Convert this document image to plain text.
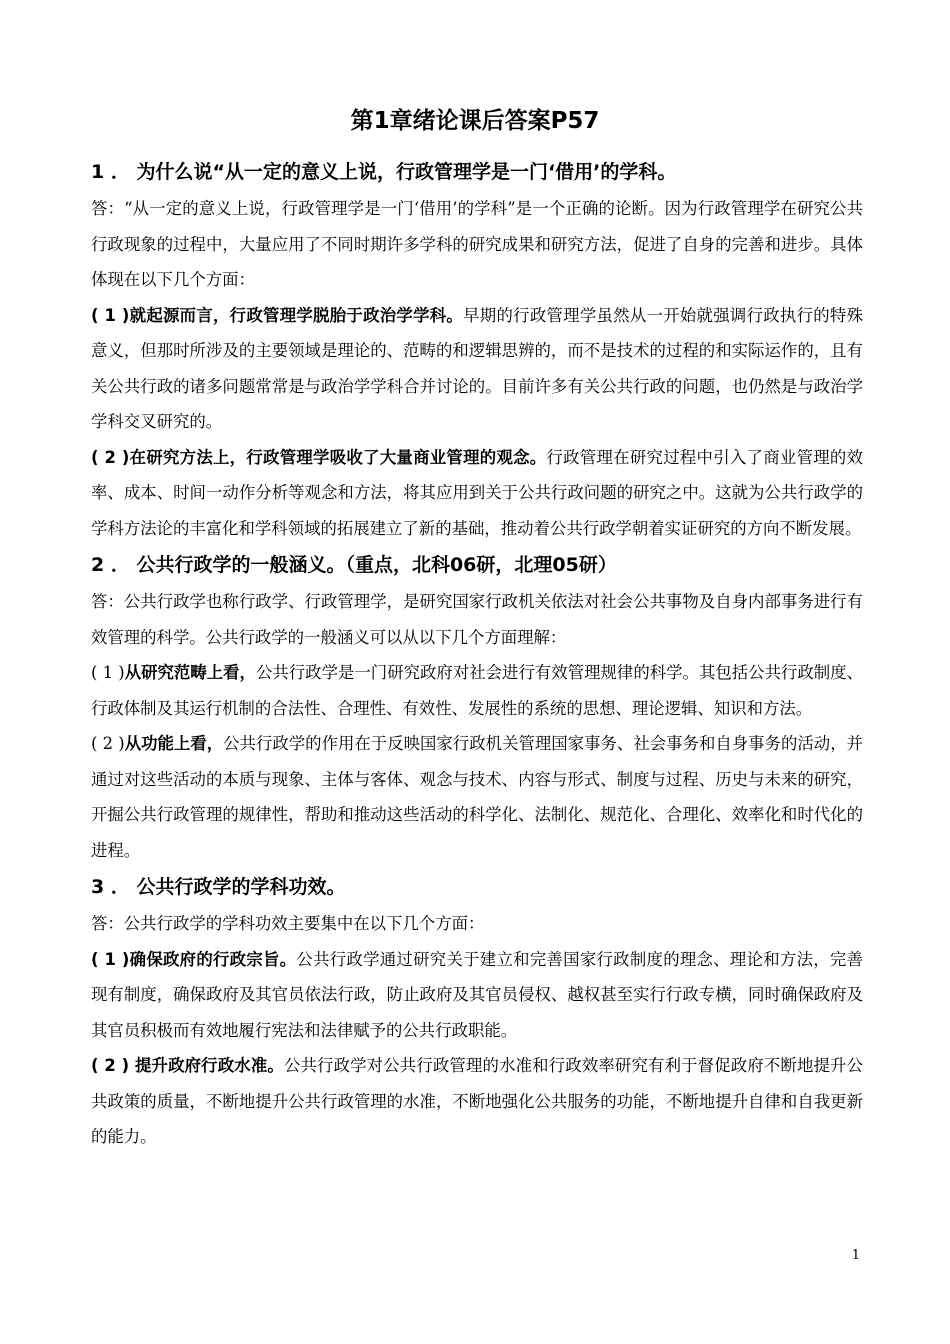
第1章绪论课后答案P57

1 ． 为什么说“从一定的意义上说，行政管理学是一门‘借用’的学科。

答：“从一定的意义上说，行政管理学是一门‘借用’的学科”是一个正确的论断。因为行政管理学在研究公共行政现象的过程中，大量应用了不同时期许多学科的研究成果和研究方法，促进了自身的完善和进步。具体体现在以下几个方面：

( 1 )就起源而言，行政管理学脱胎于政治学学科。早期的行政管理学虽然从一开始就强调行政执行的特殊意义，但那时所涉及的主要领域是理论的、范畴的和逻辑思辨的，而不是技术的过程的和实际运作的，且有关公共行政的诸多问题常常是与政治学学科合并讨论的。目前许多有关公共行政的问题，也仍然是与政治学学科交叉研究的。

( 2 )在研究方法上，行政管理学吸收了大量商业管理的观念。行政管理在研究过程中引入了商业管理的效率、成本、时间一动作分析等观念和方法，将其应用到关于公共行政问题的研究之中。这就为公共行政学的学科方法论的丰富化和学科领域的拓展建立了新的基础，推动着公共行政学朝着实证研究的方向不断发展。

2 ． 公共行政学的一般涵义。（重点，北科06研，北理05研）

答：公共行政学也称行政学、行政管理学，是研究国家行政机关依法对社会公共事物及自身内部事务进行有效管理的科学。公共行政学的一般涵义可以从以下几个方面理解：

( 1 )从研究范畴上看，公共行政学是一门研究政府对社会进行有效管理规律的科学。其包括公共行政制度、行政体制及其运行机制的合法性、合理性、有效性、发展性的系统的思想、理论逻辑、知识和方法。

( 2 )从功能上看，公共行政学的作用在于反映国家行政机关管理国家事务、社会事务和自身事务的活动，并通过对这些活动的本质与现象、主体与客体、观念与技术、内容与形式、制度与过程、历史与未来的研究，开掘公共行政管理的规律性，帮助和推动这些活动的科学化、法制化、规范化、合理化、效率化和时代化的进程。

3 ． 公共行政学的学科功效。

答：公共行政学的学科功效主要集中在以下几个方面：

( 1 )确保政府的行政宗旨。公共行政学通过研究关于建立和完善国家行政制度的理念、理论和方法，完善现有制度，确保政府及其官员依法行政，防止政府及其官员侵权、越权甚至实行行政专横，同时确保政府及其官员积极而有效地履行宪法和法律赋予的公共行政职能。

( 2 ) 提升政府行政水准。公共行政学对公共行政管理的水准和行政效率研究有利于督促政府不断地提升公共政策的质量，不断地提升公共行政管理的水准，不断地强化公共服务的功能，不断地提升自律和自我更新的能力。

1
